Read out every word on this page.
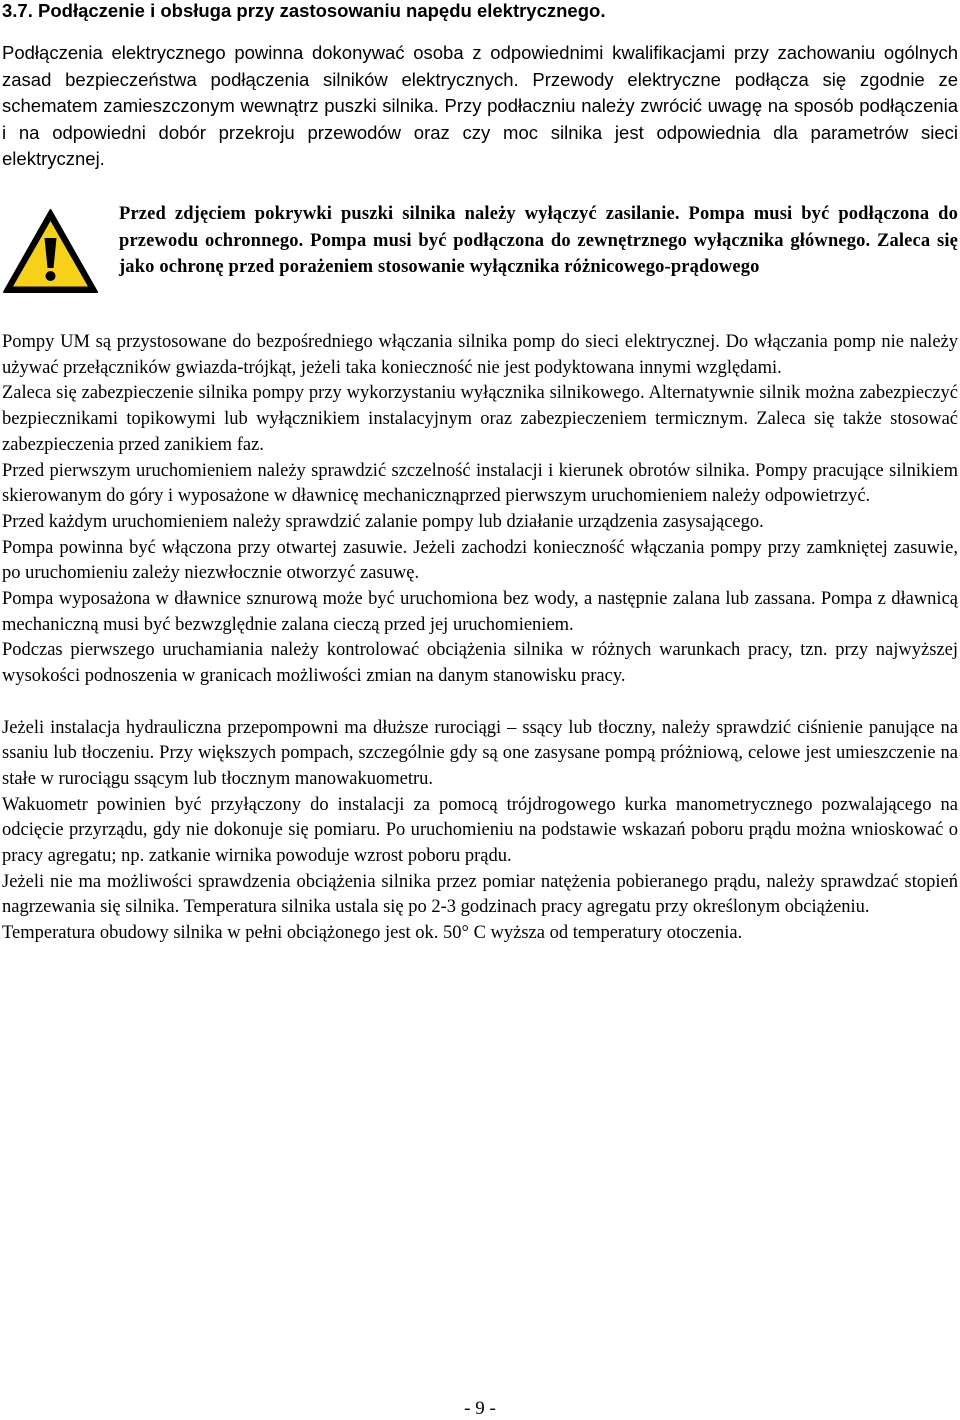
3.7. Podłączenie i obsługa przy zastosowaniu napędu elektrycznego.
Podłączenia elektrycznego powinna dokonywać osoba z odpowiednimi kwalifikacjami przy zachowaniu ogólnych zasad bezpieczeństwa podłączenia silników elektrycznych. Przewody elektryczne podłącza się zgodnie ze schematem zamieszczonym wewnątrz puszki silnika. Przy podłaczniu należy zwrócić uwagę na sposób podłączenia i na odpowiedni dobór przekroju przewodów oraz czy moc silnika jest odpowiednia dla parametrów sieci elektrycznej.
Przed zdjęciem pokrywki puszki silnika należy wyłączyć zasilanie. Pompa musi być podłączona do przewodu ochronnego. Pompa musi być podłączona do zewnętrznego wyłącznika głównego. Zaleca się jako ochronę przed porażeniem stosowanie wyłącznika różnicowego-prądowego

Pompy UM są przystosowane do bezpośredniego włączania silnika pomp do sieci elektrycznej. Do włączania pomp nie należy używać przełączników gwiazda-trójkąt, jeżeli taka konieczność nie jest podyktowana innymi względami.

Zaleca się zabezpieczenie silnika pompy przy wykorzystaniu wyłącznika silnikowego. Alternatywnie silnik można zabezpieczyć bezpiecznikami topikowymi lub wyłącznikiem instalacyjnym oraz zabezpieczeniem termicznym. Zaleca się także stosować zabezpieczenia przed zanikiem faz.

Przed pierwszym uruchomieniem należy sprawdzić szczelność instalacji i kierunek obrotów silnika. Pompy pracujące silnikiem skierowanym do góry i wyposażone w dławnicę mechanicznąprzed pierwszym uruchomieniem należy odpowietrzyć.

Przed każdym uruchomieniem należy sprawdzić zalanie pompy lub działanie urządzenia zasysającego.

Pompa powinna być włączona przy otwartej zasuwie. Jeżeli zachodzi konieczność włączania pompy przy zamkniętej zasuwie, po uruchomieniu zależy niezwłocznie otworzyć zasuwę.

Pompa wyposażona w dławnice sznurową może być uruchomiona bez wody, a następnie zalana lub zassana. Pompa z dławnicą mechaniczną musi być bezwzględnie zalana cieczą przed jej uruchomieniem.

Podczas pierwszego uruchamiania należy kontrolować obciążenia silnika w różnych warunkach pracy, tzn. przy najwyższej wysokości podnoszenia w granicach możliwości zmian na danym stanowisku pracy.

Jeżeli instalacja hydrauliczna przepompowni ma dłuższe rurociągi – ssący lub tłoczny, należy sprawdzić ciśnienie panujące na ssaniu lub tłoczeniu. Przy większych pompach, szczególnie gdy są one zasysane pompą próżniową, celowe jest umieszczenie na stałe w rurociągu ssącym lub tłocznym manowakuometru.

Wakuometr powinien być przyłączony do instalacji za pomocą trójdrogowego kurka manometrycznego pozwalającego na odcięcie przyrządu, gdy nie dokonuje się pomiaru. Po uruchomieniu na podstawie wskazań poboru prądu można wnioskować o pracy agregatu; np. zatkanie wirnika powoduje wzrost poboru prądu.

Jeżeli nie ma możliwości sprawdzenia obciążenia silnika przez pomiar natężenia pobieranego prądu, należy sprawdzać stopień nagrzewania się silnika. Temperatura silnika ustala się po 2-3 godzinach pracy agregatu przy określonym obciążeniu.

Temperatura obudowy silnika w pełni obciążonego jest ok. 50° C wyższa od temperatury otoczenia.

- 9 -
